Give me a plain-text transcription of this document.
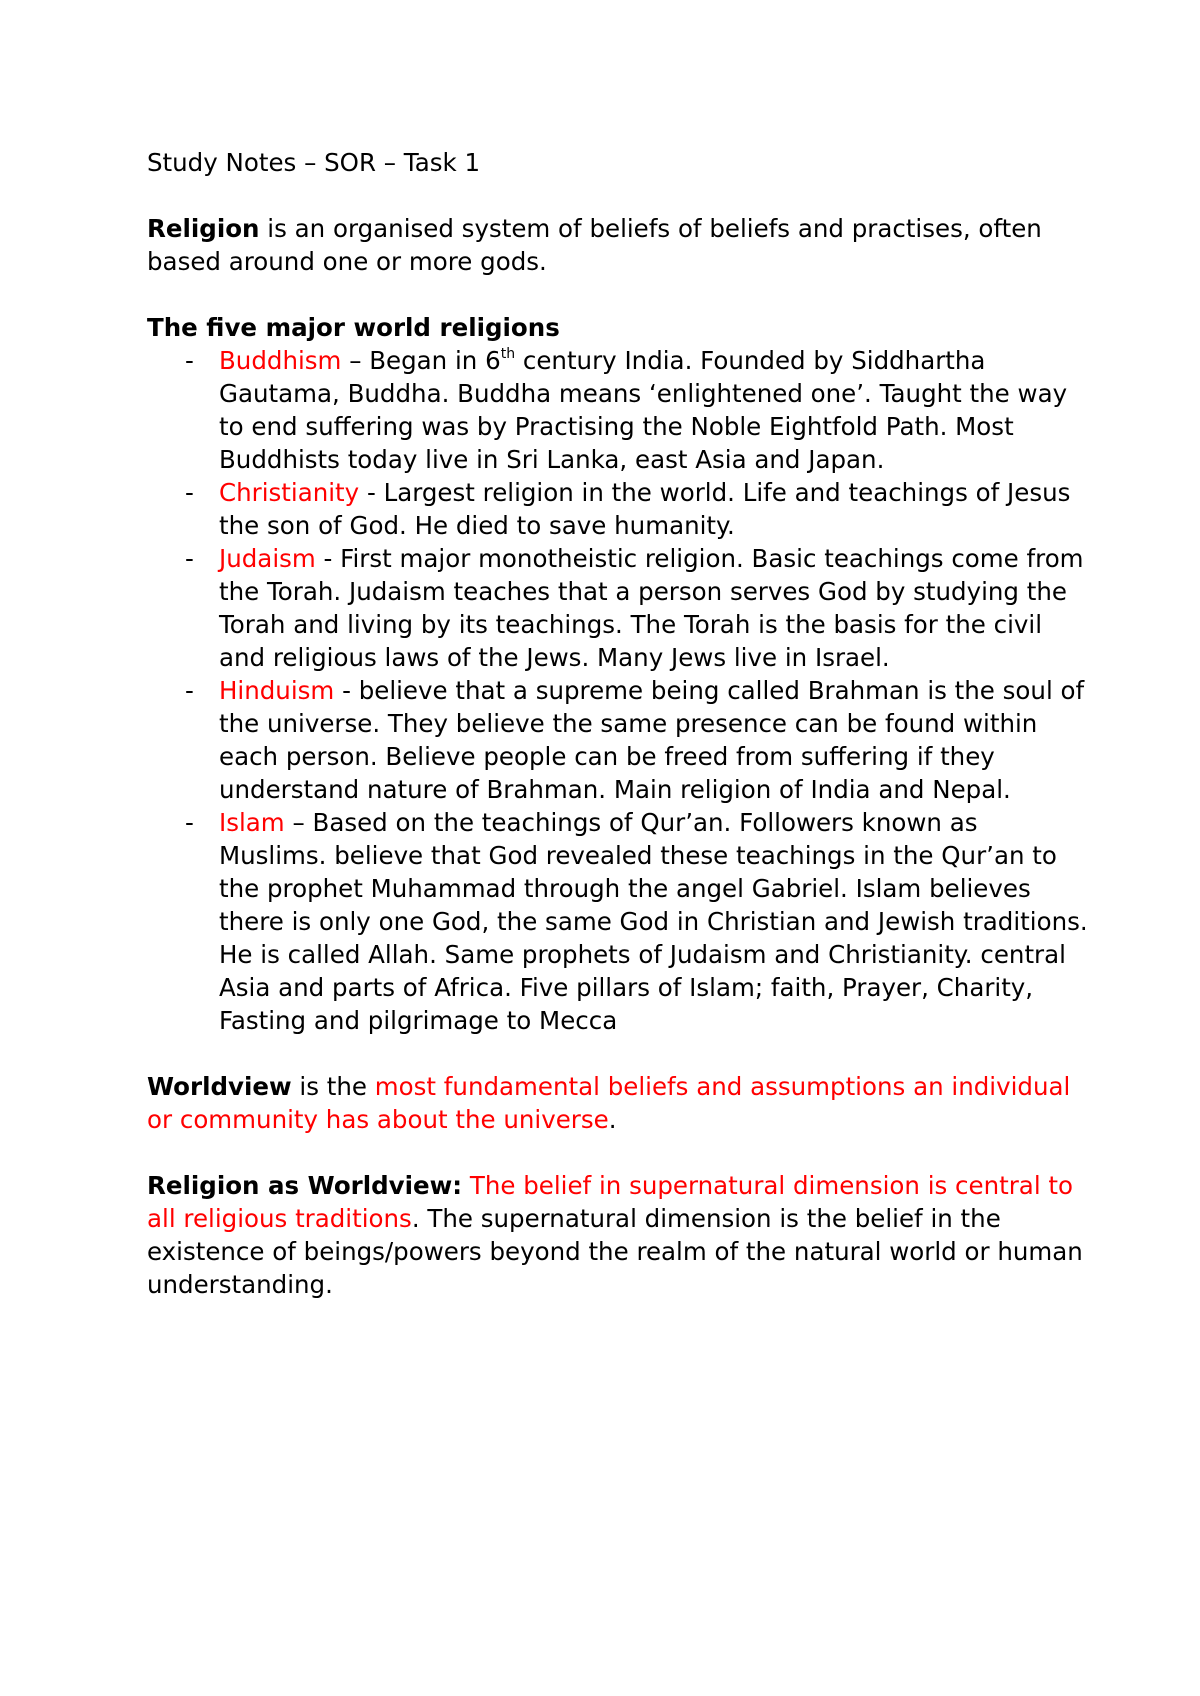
Study Notes – SOR – Task 1

Religion is an organised system of beliefs of beliefs and practises, often based around one or more gods.

The five major world religions

- Buddhism – Began in 6th century India. Founded by Siddhartha Gautama, Buddha. Buddha means ‘enlightened one’. Taught the way to end suffering was by Practising the Noble Eightfold Path. Most Buddhists today live in Sri Lanka, east Asia and Japan.
- Christianity - Largest religion in the world. Life and teachings of Jesus the son of God. He died to save humanity.
- Judaism - First major monotheistic religion. Basic teachings come from the Torah. Judaism teaches that a person serves God by studying the Torah and living by its teachings. The Torah is the basis for the civil and religious laws of the Jews. Many Jews live in Israel.
- Hinduism - believe that a supreme being called Brahman is the soul of the universe. They believe the same presence can be found within each person. Believe people can be freed from suffering if they understand nature of Brahman. Main religion of India and Nepal.
- Islam – Based on the teachings of Qur’an. Followers known as Muslims. believe that God revealed these teachings in the Qur’an to the prophet Muhammad through the angel Gabriel. Islam believes there is only one God, the same God in Christian and Jewish traditions. He is called Allah. Same prophets of Judaism and Christianity. central Asia and parts of Africa. Five pillars of Islam; faith, Prayer, Charity, Fasting and pilgrimage to Mecca

Worldview is the most fundamental beliefs and assumptions an individual or community has about the universe.

Religion as Worldview: The belief in supernatural dimension is central to all religious traditions. The supernatural dimension is the belief in the existence of beings/powers beyond the realm of the natural world or human understanding.
